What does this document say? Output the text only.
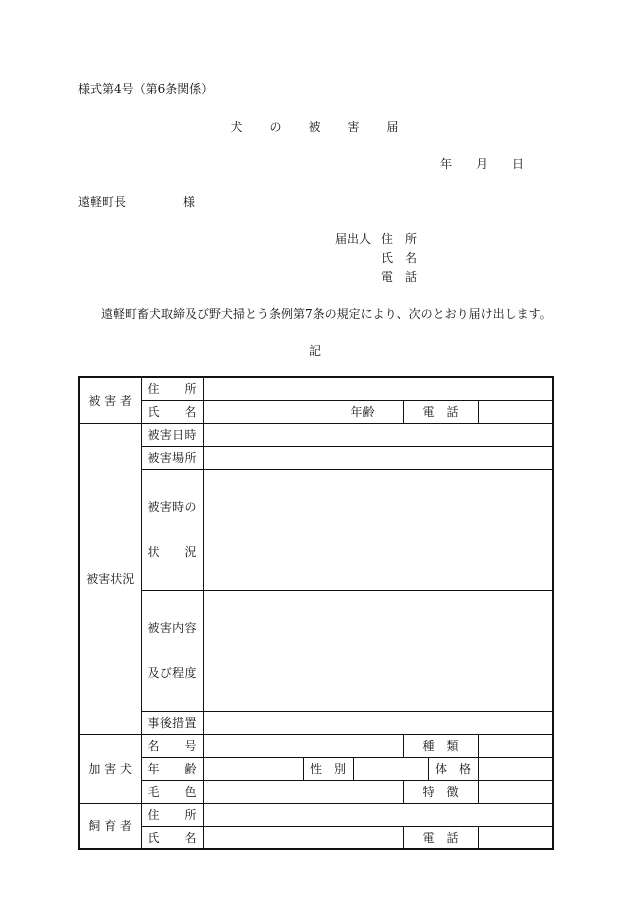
様式第4号（第6条関係）
犬　　の　　被　　害　　届
年　　月　　日
遠軽町長	様
届出人 住　所
氏　名
電　話
遠軽町畜犬取締及び野犬掃とう条例第7条の規定により、次のとおり届け出します。
記
被 害 者	住　所						
	氏　名	年齢			電　話		
被害状況	被害日時						
	被害場所						

	被害時の

状　況						

	被害内容

及び程度						

	事後措置						
加 害 犬	名　号				種　類		
	年　齢		性　別			体　格	
	毛　色				特　徴		
飼 育 者	住　所						
	氏　名				電　話		
